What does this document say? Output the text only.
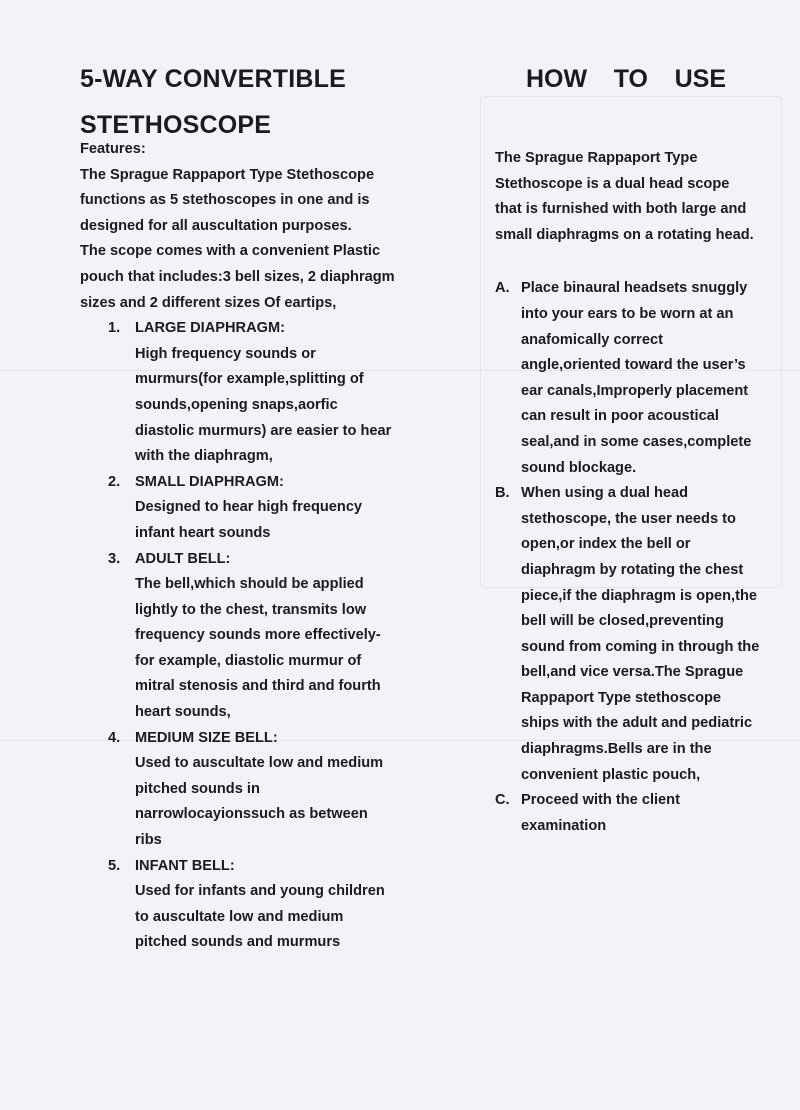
5-WAY CONVERTIBLE STETHOSCOPE
HOW TO USE

Features:

The Sprague Rappaport Type Stethoscope functions as 5 stethoscopes in one and is designed for all auscultation purposes.

The scope comes with a convenient Plastic pouch that includes:3 bell sizes, 2 diaphragm sizes and 2 different sizes Of eartips,

1. LARGE DIAPHRAGM:
High frequency sounds or murmurs(for example,splitting of sounds,opening snaps,aorfic diastolic murmurs) are easier to hear with the diaphragm,
2. SMALL DIAPHRAGM:
Designed to hear high frequency infant heart sounds
3. ADULT BELL:
The bell,which should be applied lightly to the chest, transmits low frequency sounds more effectively-for example, diastolic murmur of mitral stenosis and third and fourth heart sounds,
4. MEDIUM SIZE BELL:
Used to auscultate low and medium pitched sounds in narrowlocayionssuch as between ribs
5. INFANT BELL:
Used for infants and young children to auscultate low and medium pitched sounds and murmurs

The Sprague Rappaport Type Stethoscope is a dual head scope that is furnished with both large and small diaphragms on a rotating head.

A. Place binaural headsets snuggly into your ears to be worn at an anafomically correct angle,oriented toward the user’s ear canals,Improperly placement can result in poor acoustical seal,and in some cases,complete sound blockage.
B. When using a dual head stethoscope, the user needs to open,or index the bell or diaphragm by rotating the chest piece,if the diaphragm is open,the bell will be closed,preventing sound from coming in through the bell,and vice versa.The Sprague Rappaport Type stethoscope ships with the adult and pediatric diaphragms.Bells are in the convenient plastic pouch,
C. Proceed with the client examination
